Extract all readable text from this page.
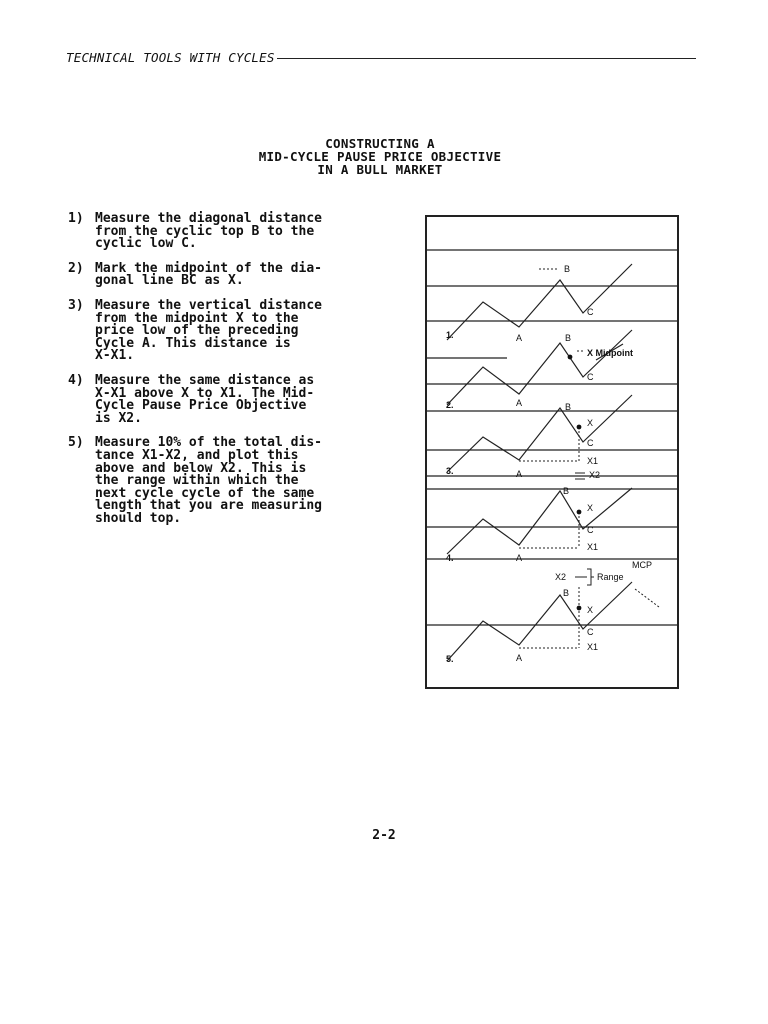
TECHNICAL TOOLS WITH CYCLES
CONSTRUCTING A
MID-CYCLE PAUSE PRICE OBJECTIVE
IN A BULL MARKET
1) Measure the diagonal distance
from the cyclic top B to the
cyclic low C.
2) Mark the midpoint of the dia-
gonal line BC as X.
3) Measure the vertical distance
from the midpoint X to the
price low of the preceding
Cycle A. This distance is
X-X1.
4) Measure the same distance as
X-X1 above X to X1. The Mid-
Cycle Pause Price Objective
is X2.
5) Measure 10% of the total dis-
tance X1-X2, and plot this
above and below X2. This is
the range within which the
next cycle cycle of the same
length that you are measuring
should top.
1.
2.
3.
4.
5.
B
C
A	B
X Midpoint
C
A	B
X
C
X1
A	X2
B
X
C
X1
A
MCP
X2	Range
B
X
C
X1
A
2-2
